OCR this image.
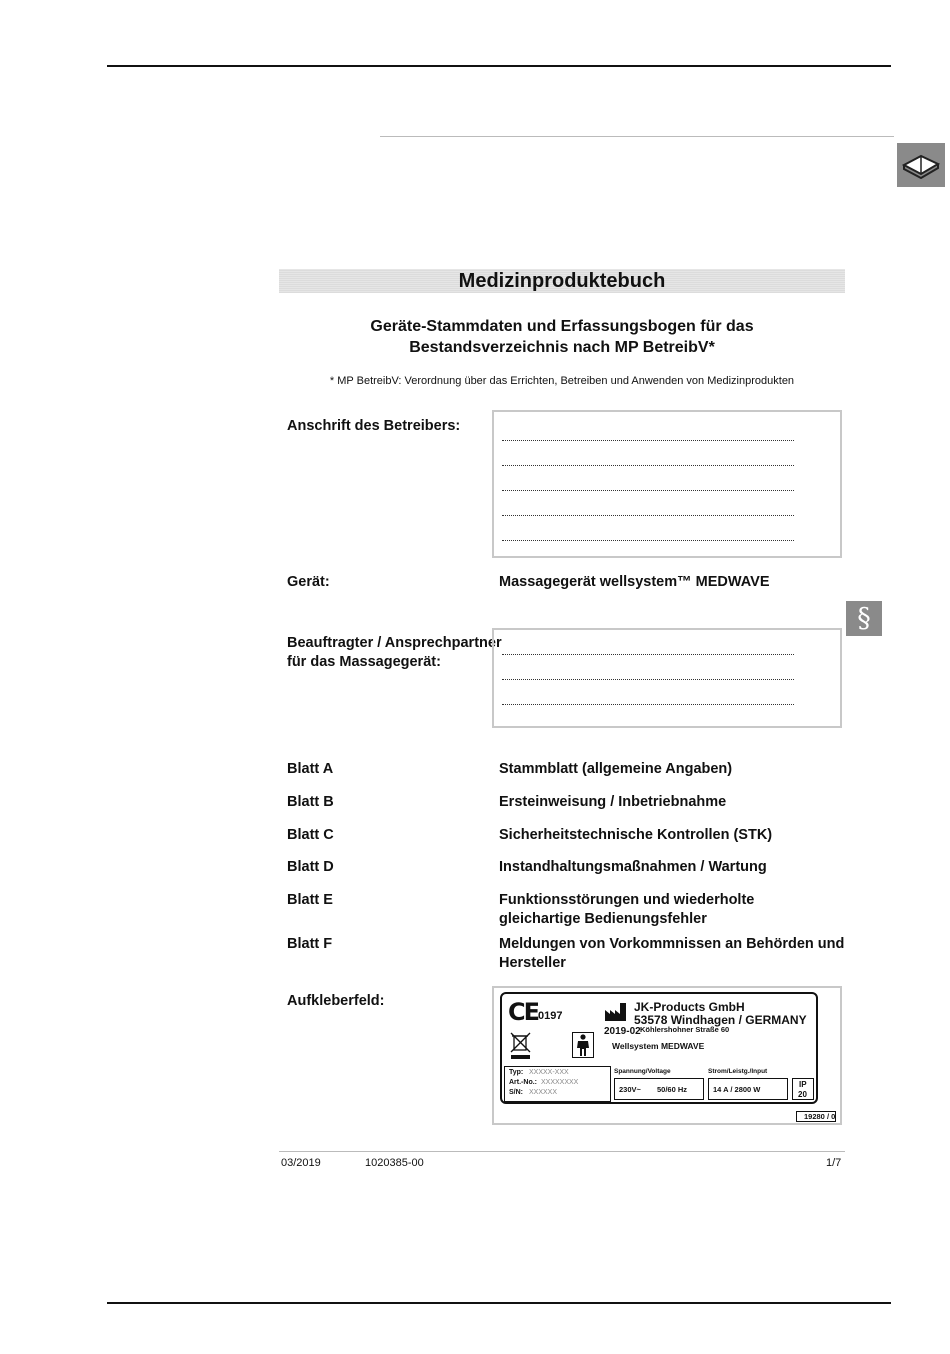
§
Medizinproduktebuch
Geräte-Stammdaten und Erfassungsbogen für das
Bestandsverzeichnis nach MP BetreibV*
* MP BetreibV: Verordnung über das Errichten, Betreiben und Anwenden von Medizinprodukten
Anschrift des Betreibers:
Gerät:	Massagegerät wellsystem™ MEDWAVE
Beauftragter / Ansprechpartner
für das Massagegerät:
Blatt A	Stammblatt (allgemeine Angaben)
Blatt B	Ersteinweisung / Inbetriebnahme
Blatt C	Sicherheitstechnische Kontrollen (STK)
Blatt D	Instandhaltungsmaßnahmen / Wartung
Blatt E	Funktionsstörungen und wiederholte
gleichartige Bedienungsfehler
Blatt F	Meldungen von Vorkommnissen an Behörden und
Hersteller
Aufkleberfeld:	CE 0197
JK-Products GmbH
53578 Windhagen / GERMANY
2019-02 Köhlershohner Straße 60
Wellsystem MEDWAVE
Typ: XXXXX-XXX
Art.-No.: XXXXXXXX
S/N: XXXXXX
Spannung/Voltage
230V~ 50/60 Hz
Strom/Leistg./Input
14 A / 2800 W
IP
20
19280 / 0
03/2019	1020385-00	1/7
